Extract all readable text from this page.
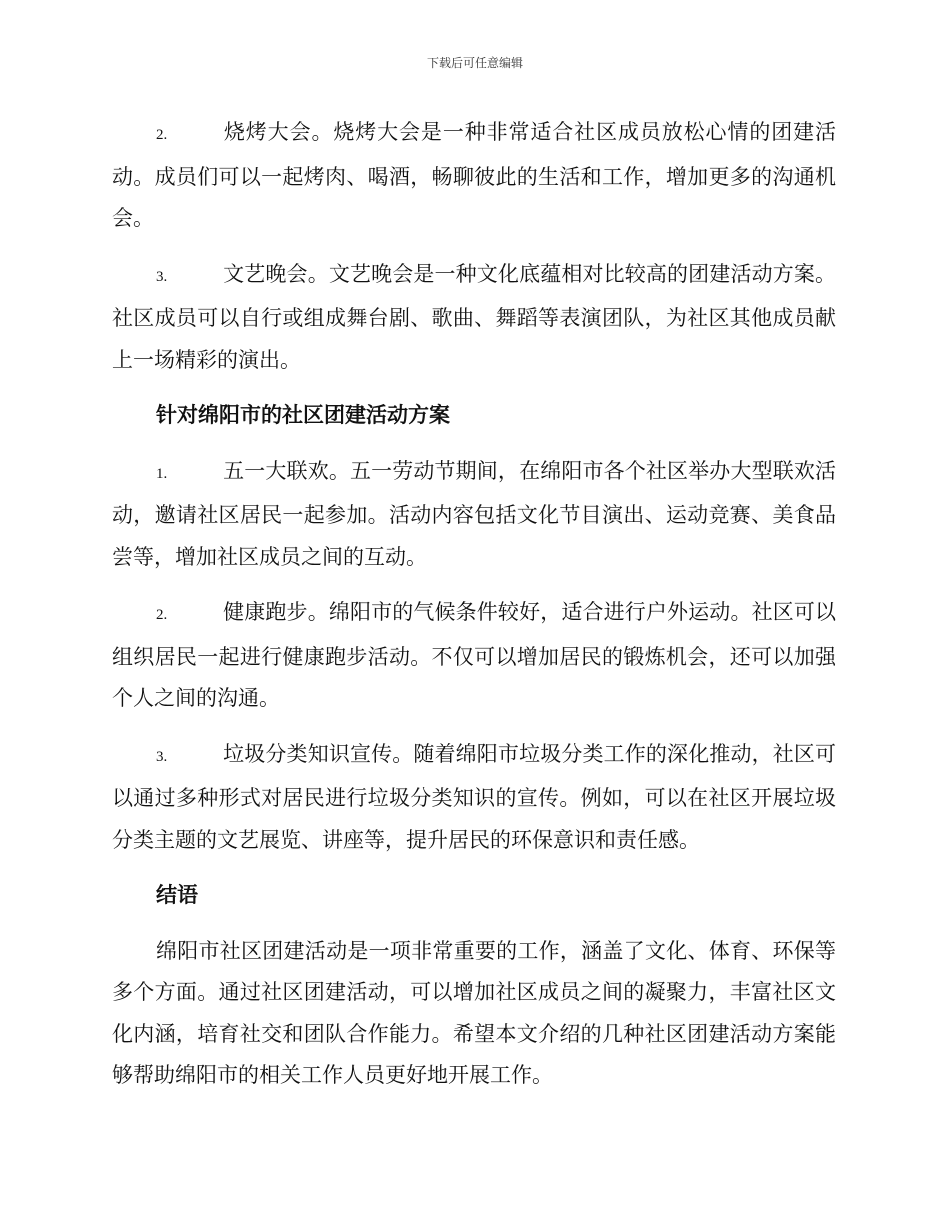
下载后可任意编辑

2.	烧烤大会。烧烤大会是一种非常适合社区成员放松心情的团建活动。成员们可以一起烤肉、喝酒，畅聊彼此的生活和工作，增加更多的沟通机会。

3.	文艺晚会。文艺晚会是一种文化底蕴相对比较高的团建活动方案。社区成员可以自行或组成舞台剧、歌曲、舞蹈等表演团队，为社区其他成员献上一场精彩的演出。

针对绵阳市的社区团建活动方案

1.	五一大联欢。五一劳动节期间，在绵阳市各个社区举办大型联欢活动，邀请社区居民一起参加。活动内容包括文化节目演出、运动竞赛、美食品尝等，增加社区成员之间的互动。

2.	健康跑步。绵阳市的气候条件较好，适合进行户外运动。社区可以组织居民一起进行健康跑步活动。不仅可以增加居民的锻炼机会，还可以加强个人之间的沟通。

3.	垃圾分类知识宣传。随着绵阳市垃圾分类工作的深化推动，社区可以通过多种形式对居民进行垃圾分类知识的宣传。例如，可以在社区开展垃圾分类主题的文艺展览、讲座等，提升居民的环保意识和责任感。

结语

绵阳市社区团建活动是一项非常重要的工作，涵盖了文化、体育、环保等多个方面。通过社区团建活动，可以增加社区成员之间的凝聚力，丰富社区文化内涵，培育社交和团队合作能力。希望本文介绍的几种社区团建活动方案能够帮助绵阳市的相关工作人员更好地开展工作。
